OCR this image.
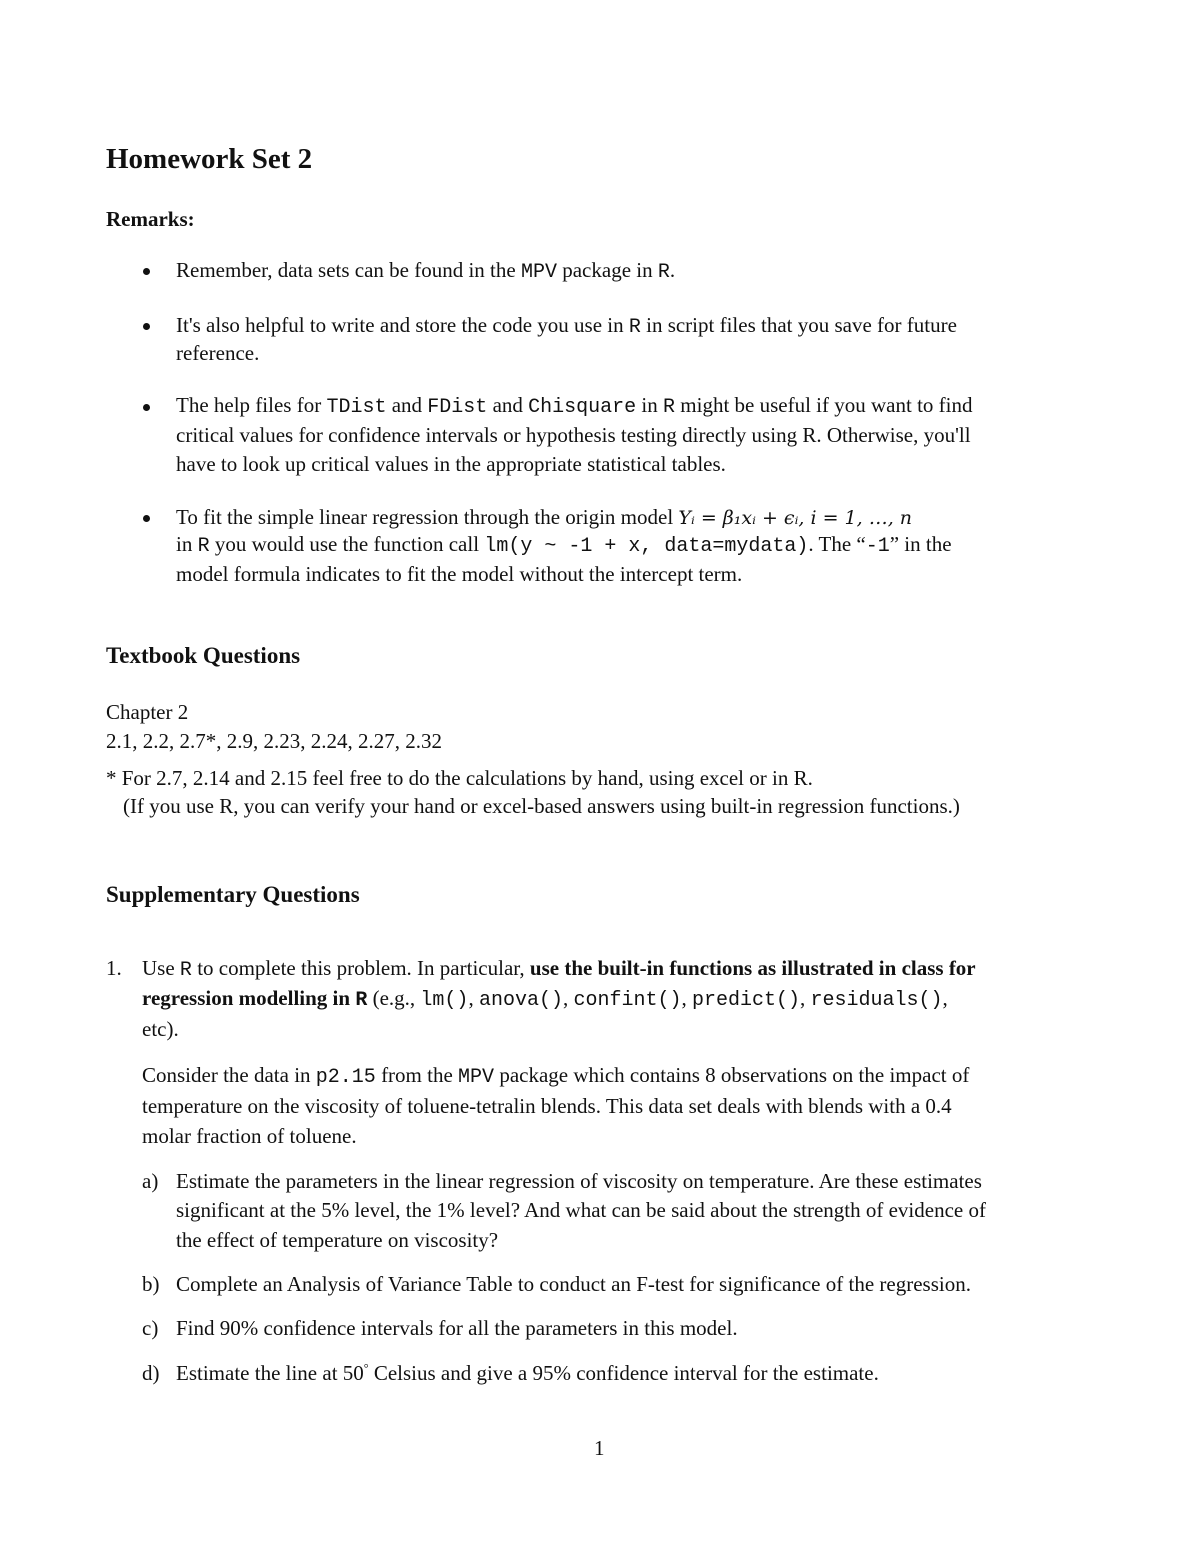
Homework Set 2
Remarks:
Remember, data sets can be found in the MPV package in R.
It's also helpful to write and store the code you use in R in script files that you save for future
reference.
The help files for TDist and FDist and Chisquare in R might be useful if you want to find
critical values for confidence intervals or hypothesis testing directly using R. Otherwise, you'll
have to look up critical values in the appropriate statistical tables.
To fit the simple linear regression through the origin model Yᵢ = β₁xᵢ + ϵᵢ, i = 1, …, n
in R you would use the function call lm(y ~ -1 + x, data=mydata). The “-1” in the
model formula indicates to fit the model without the intercept term.
Textbook Questions
Chapter 2
2.1, 2.2, 2.7*, 2.9, 2.23, 2.24, 2.27, 2.32
* For 2.7, 2.14 and 2.15 feel free to do the calculations by hand, using excel or in R.
(If you use R, you can verify your hand or excel-based answers using built-in regression functions.)
Supplementary Questions
1. Use R to complete this problem. In particular, use the built-in functions as illustrated in class for
regression modelling in R (e.g., lm(), anova(), confint(), predict(), residuals(),
etc).
Consider the data in p2.15 from the MPV package which contains 8 observations on the impact of
temperature on the viscosity of toluene-tetralin blends. This data set deals with blends with a 0.4
molar fraction of toluene.
a) Estimate the parameters in the linear regression of viscosity on temperature. Are these estimates
significant at the 5% level, the 1% level? And what can be said about the strength of evidence of
the effect of temperature on viscosity?
b) Complete an Analysis of Variance Table to conduct an F-test for significance of the regression.
c) Find 90% confidence intervals for all the parameters in this model.
d) Estimate the line at 50° Celsius and give a 95% confidence interval for the estimate.
1
